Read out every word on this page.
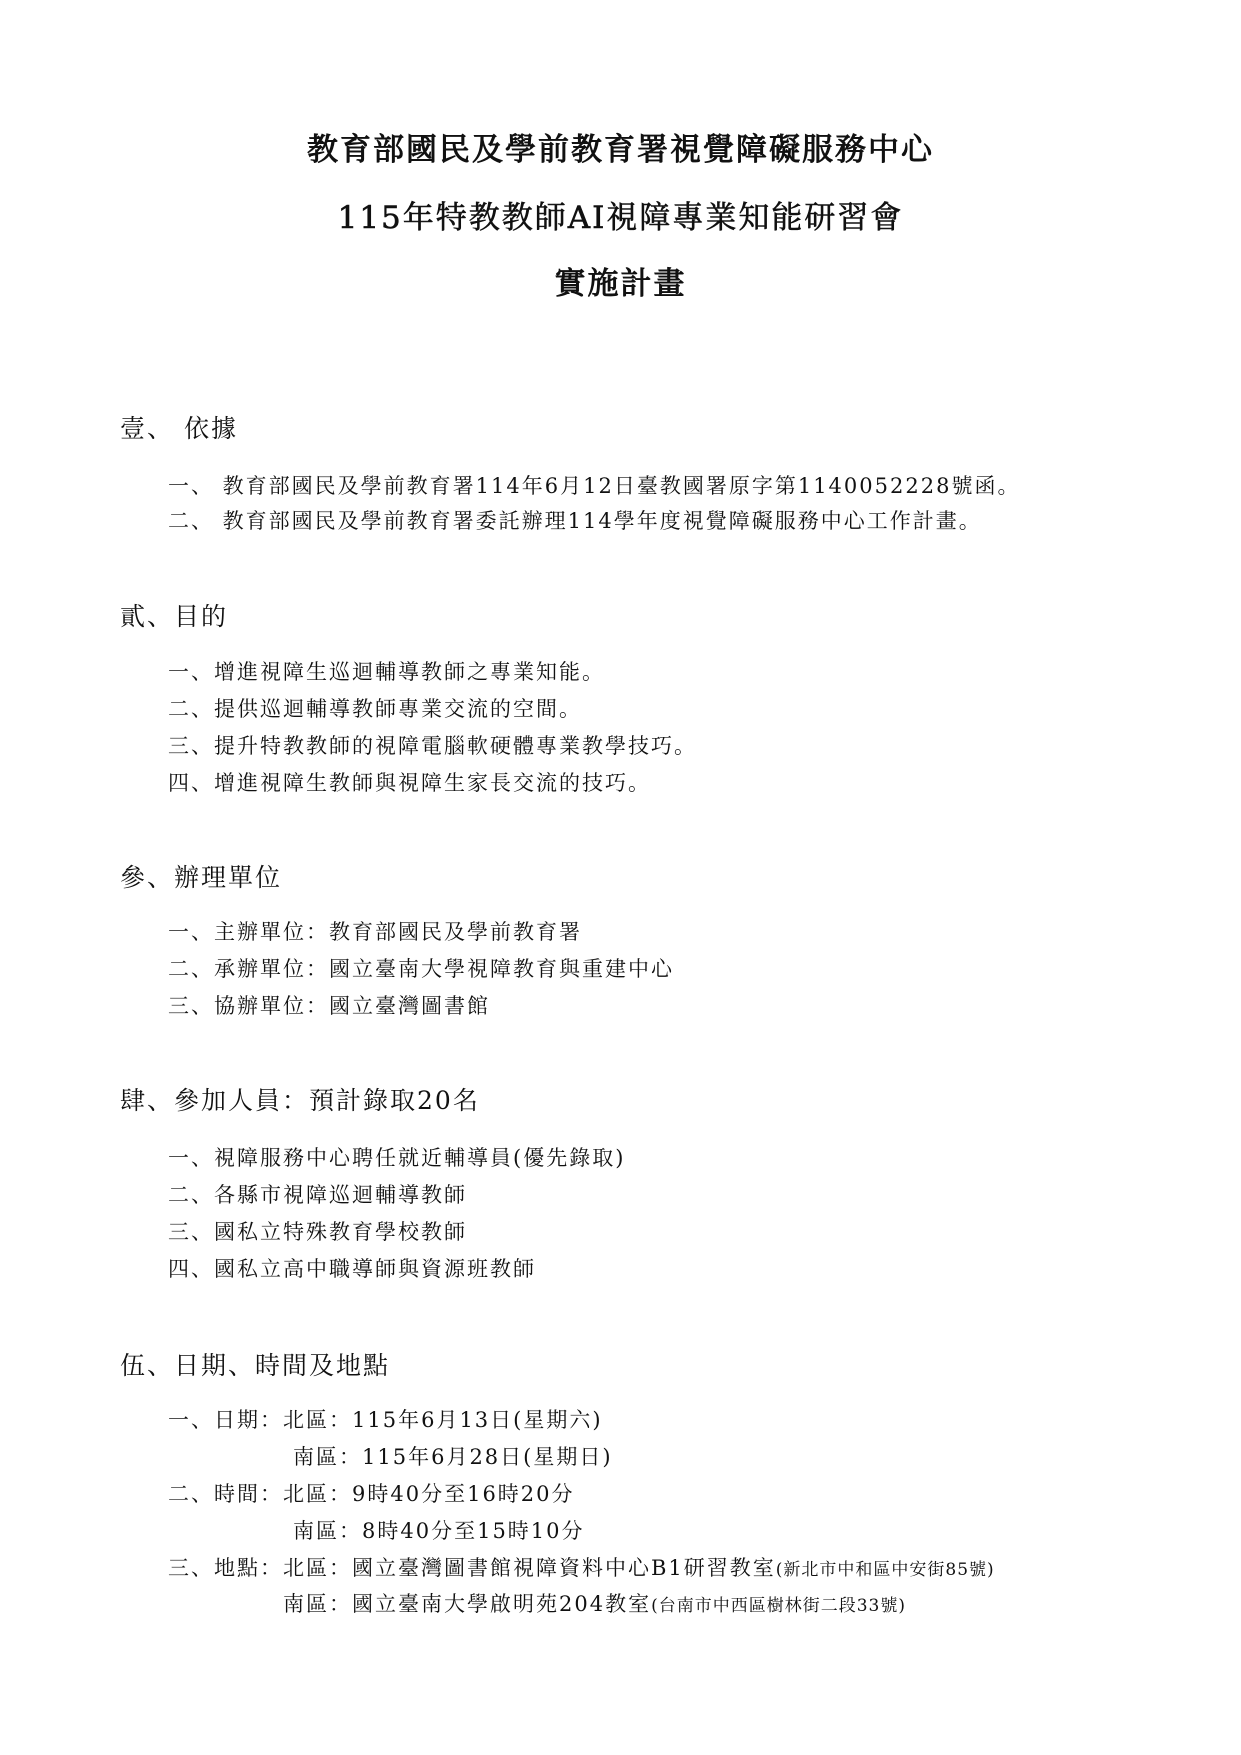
教育部國民及學前教育署視覺障礙服務中心
115年特教教師AI視障專業知能研習會
實施計畫
壹、 依據
一、 教育部國民及學前教育署114年6月12日臺教國署原字第1140052228號函。
二、 教育部國民及學前教育署委託辦理114學年度視覺障礙服務中心工作計畫。
貳、目的
一、增進視障生巡迴輔導教師之專業知能。
二、提供巡迴輔導教師專業交流的空間。
三、提升特教教師的視障電腦軟硬體專業教學技巧。
四、增進視障生教師與視障生家長交流的技巧。
參、辦理單位
一、主辦單位：教育部國民及學前教育署
二、承辦單位：國立臺南大學視障教育與重建中心
三、協辦單位：國立臺灣圖書館
肆、參加人員：預計錄取20名
一、視障服務中心聘任就近輔導員(優先錄取)
二、各縣市視障巡迴輔導教師
三、國私立特殊教育學校教師
四、國私立高中職導師與資源班教師
伍、日期、時間及地點
一、日期：北區：115年6月13日(星期六)
南區：115年6月28日(星期日)
二、時間：北區：9時40分至16時20分
南區：8時40分至15時10分
三、地點：北區：國立臺灣圖書館視障資料中心B1研習教室(新北市中和區中安街85號)
南區：國立臺南大學啟明苑204教室(台南市中西區樹林街二段33號)
